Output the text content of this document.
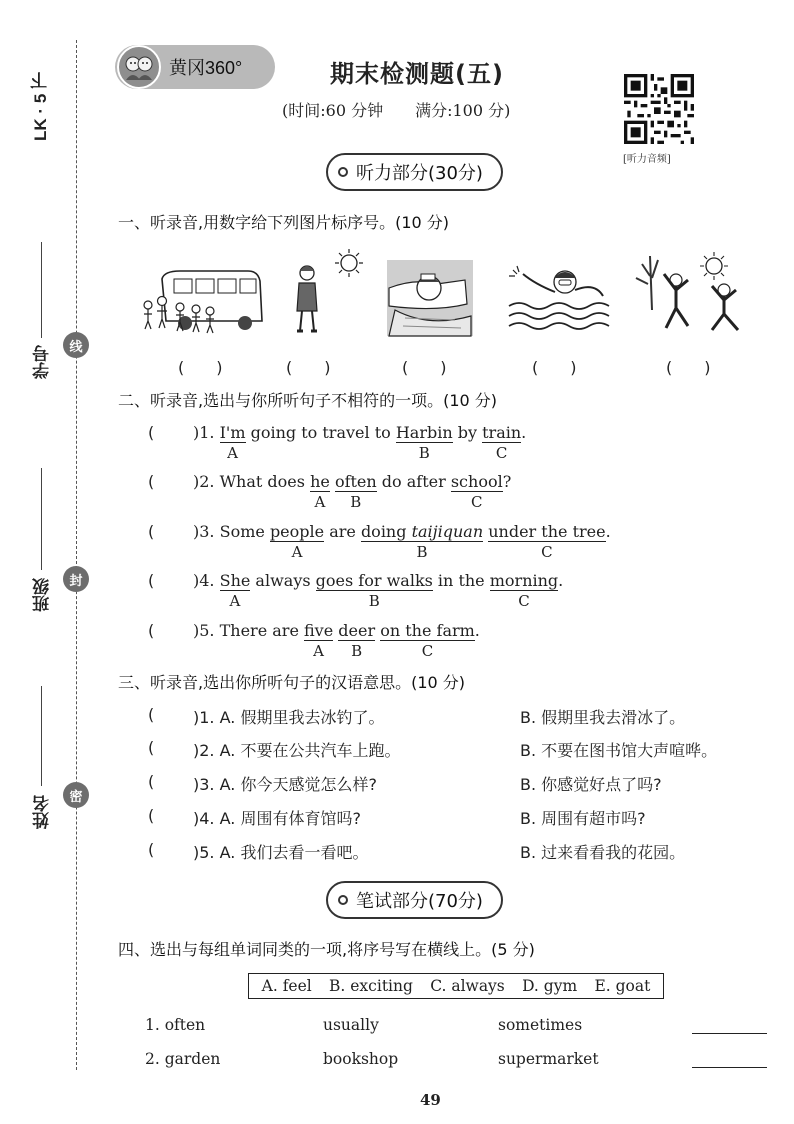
LK · 5 下
学号
班级
姓名
线
封
密
黄冈360°	期末检测题(五)
(时间:60 分钟　　满分:100 分)
[听力音频]
听力部分(30分)
一、听录音,用数字给下列图片标序号。(10 分)
(　　)	(　　)	(　　)	(　　)	(　　)
二、听录音,选出与你所听句子不相符的一项。(10 分)
( )1. I'm
A
going to travel to Harbin
B
by train
C
.
( )2. What does he
A
often
B
do after school
C
?
( )3. Some people
A
are doing taijiquan
B
under the tree
C
.
( )4. She
A
always goes for walks
B
in the morning
C
.
( )5. There are five
A
deer
B
on the farm
C
.
三、听录音,选出你所听句子的汉语意思。(10 分)
( )1. A. 假期里我去冰钓了。	B. 假期里我去滑冰了。
( )2. A. 不要在公共汽车上跑。	B. 不要在图书馆大声喧哗。
( )3. A. 你今天感觉怎么样?	B. 你感觉好点了吗?
( )4. A. 周围有体育馆吗?	B. 周围有超市吗?
( )5. A. 我们去看一看吧。	B. 过来看看我的花园。
笔试部分(70分)
四、选出与每组单词同类的一项,将序号写在横线上。(5 分)
A. feel B. exciting C. always D. gym E. goat
1. often	usually	sometimes
2. garden	bookshop	supermarket
49
